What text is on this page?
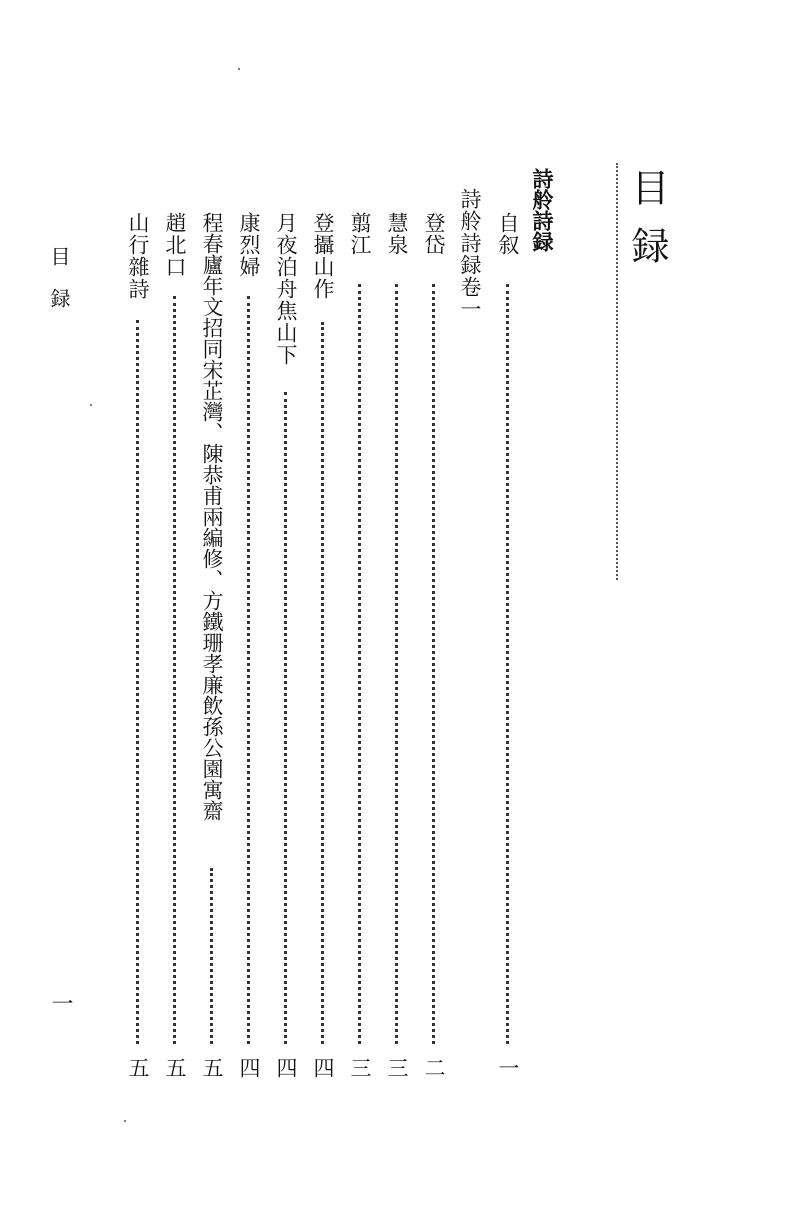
目録
詩舲詩録
詩舲詩録卷一 自叙
一
登岱
二
慧泉
三
翦江
三
登攝山作
四
月夜泊舟焦山下
四
康烈婦
四
程春廬年文招同宋芷灣、陳恭甫兩編修、方鐵珊孝廉飲孫公園寓齋
五
趙北口
五
山行雜詩
五
目録
一
